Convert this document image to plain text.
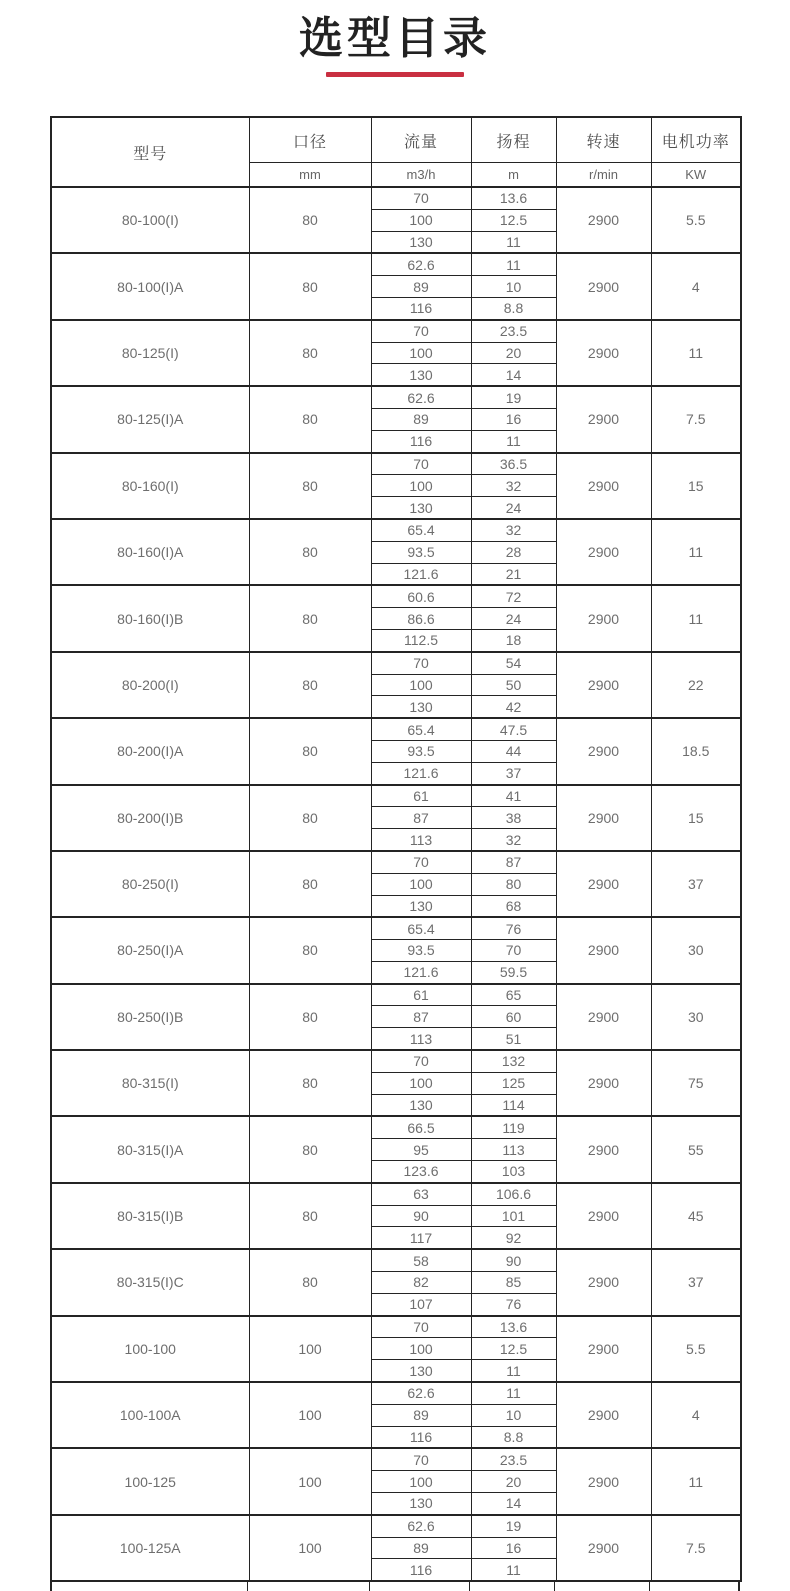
选型目录
型号	口径	流量	扬程	转速	电机功率
	mm	m3/h	m	r/min	KW
80-100(I)	80	70	13.6	2900	5.5
		100	12.5		
		130	11		
80-100(I)A	80	62.6	11	2900	4
		89	10		
		116	8.8		
80-125(I)	80	70	23.5	2900	11
		100	20		
		130	14		
80-125(I)A	80	62.6	19	2900	7.5
		89	16		
		116	11		
80-160(I)	80	70	36.5	2900	15
		100	32		
		130	24		
80-160(I)A	80	65.4	32	2900	11
		93.5	28		
		121.6	21		
80-160(I)B	80	60.6	72	2900	11
		86.6	24		
		112.5	18		
80-200(I)	80	70	54	2900	22
		100	50		
		130	42		
80-200(I)A	80	65.4	47.5	2900	18.5
		93.5	44		
		121.6	37		
80-200(I)B	80	61	41	2900	15
		87	38		
		113	32		
80-250(I)	80	70	87	2900	37
		100	80		
		130	68		
80-250(I)A	80	65.4	76	2900	30
		93.5	70		
		121.6	59.5		
80-250(I)B	80	61	65	2900	30
		87	60		
		113	51		
80-315(I)	80	70	132	2900	75
		100	125		
		130	114		
80-315(I)A	80	66.5	119	2900	55
		95	113		
		123.6	103		
80-315(I)B	80	63	106.6	2900	45
		90	101		
		117	92		
80-315(I)C	80	58	90	2900	37
		82	85		
		107	76		
100-100	100	70	13.6	2900	5.5
		100	12.5		
		130	11		
100-100A	100	62.6	11	2900	4
		89	10		
		116	8.8		
100-125	100	70	23.5	2900	11
		100	20		
		130	14		
100-125A	100	62.6	19	2900	7.5
		89	16		
		116	11		
